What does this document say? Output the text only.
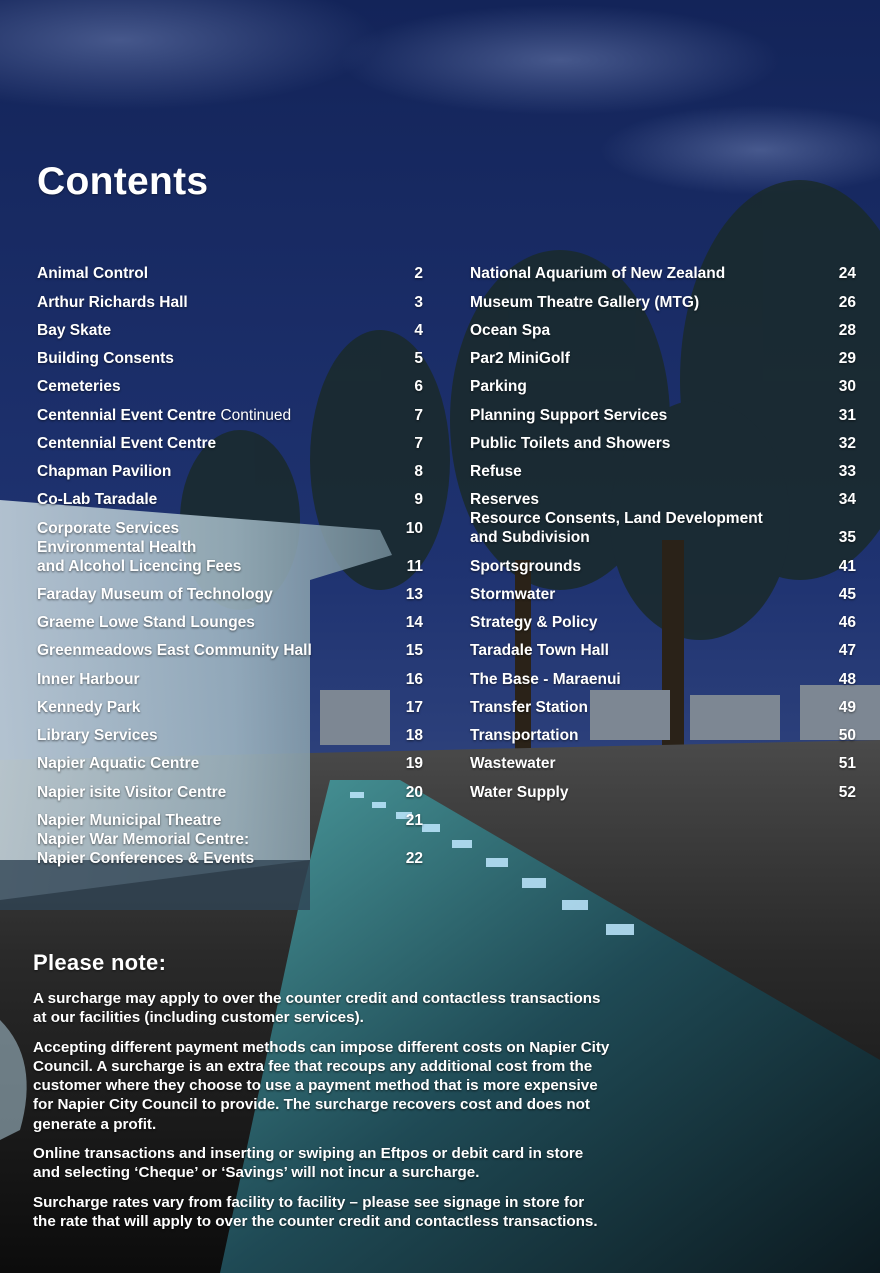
Contents
Animal Control	2
Arthur Richards Hall	3
Bay Skate	4
Building Consents	5
Cemeteries	6
Centennial Event Centre Continued	7
Centennial Event Centre	7
Chapman Pavilion	8
Co-Lab Taradale	9
Corporate Services	10
Environmental Health
and Alcohol Licencing Fees	11
Faraday Museum of Technology	13
Graeme Lowe Stand Lounges	14
Greenmeadows East Community Hall	15
Inner Harbour	16
Kennedy Park	17
Library Services	18
Napier Aquatic Centre	19
Napier isite Visitor Centre	20
Napier Municipal Theatre	21
Napier War Memorial Centre:
Napier Conferences & Events	22
National Aquarium of New Zealand	24
Museum Theatre Gallery (MTG)	26
Ocean Spa	28
Par2 MiniGolf	29
Parking	30
Planning Support Services	31
Public Toilets and Showers	32
Refuse	33
Reserves	34
Resource Consents, Land Development
and Subdivision	35
Sportsgrounds	41
Stormwater	45
Strategy & Policy	46
Taradale Town Hall	47
The Base - Maraenui	48
Transfer Station	49
Transportation	50
Wastewater	51
Water Supply	52
Please note:

A surcharge may apply to over the counter credit and contactless transactions
at our facilities (including customer services).

Accepting different payment methods can impose different costs on Napier City
Council. A surcharge is an extra fee that recoups any additional cost from the
customer where they choose to use a payment method that is more expensive
for Napier City Council to provide. The surcharge recovers cost and does not
generate a profit.

Online transactions and inserting or swiping an Eftpos or debit card in store
and selecting ‘Cheque’ or ‘Savings’ will not incur a surcharge.

Surcharge rates vary from facility to facility – please see signage in store for
the rate that will apply to over the counter credit and contactless transactions.
